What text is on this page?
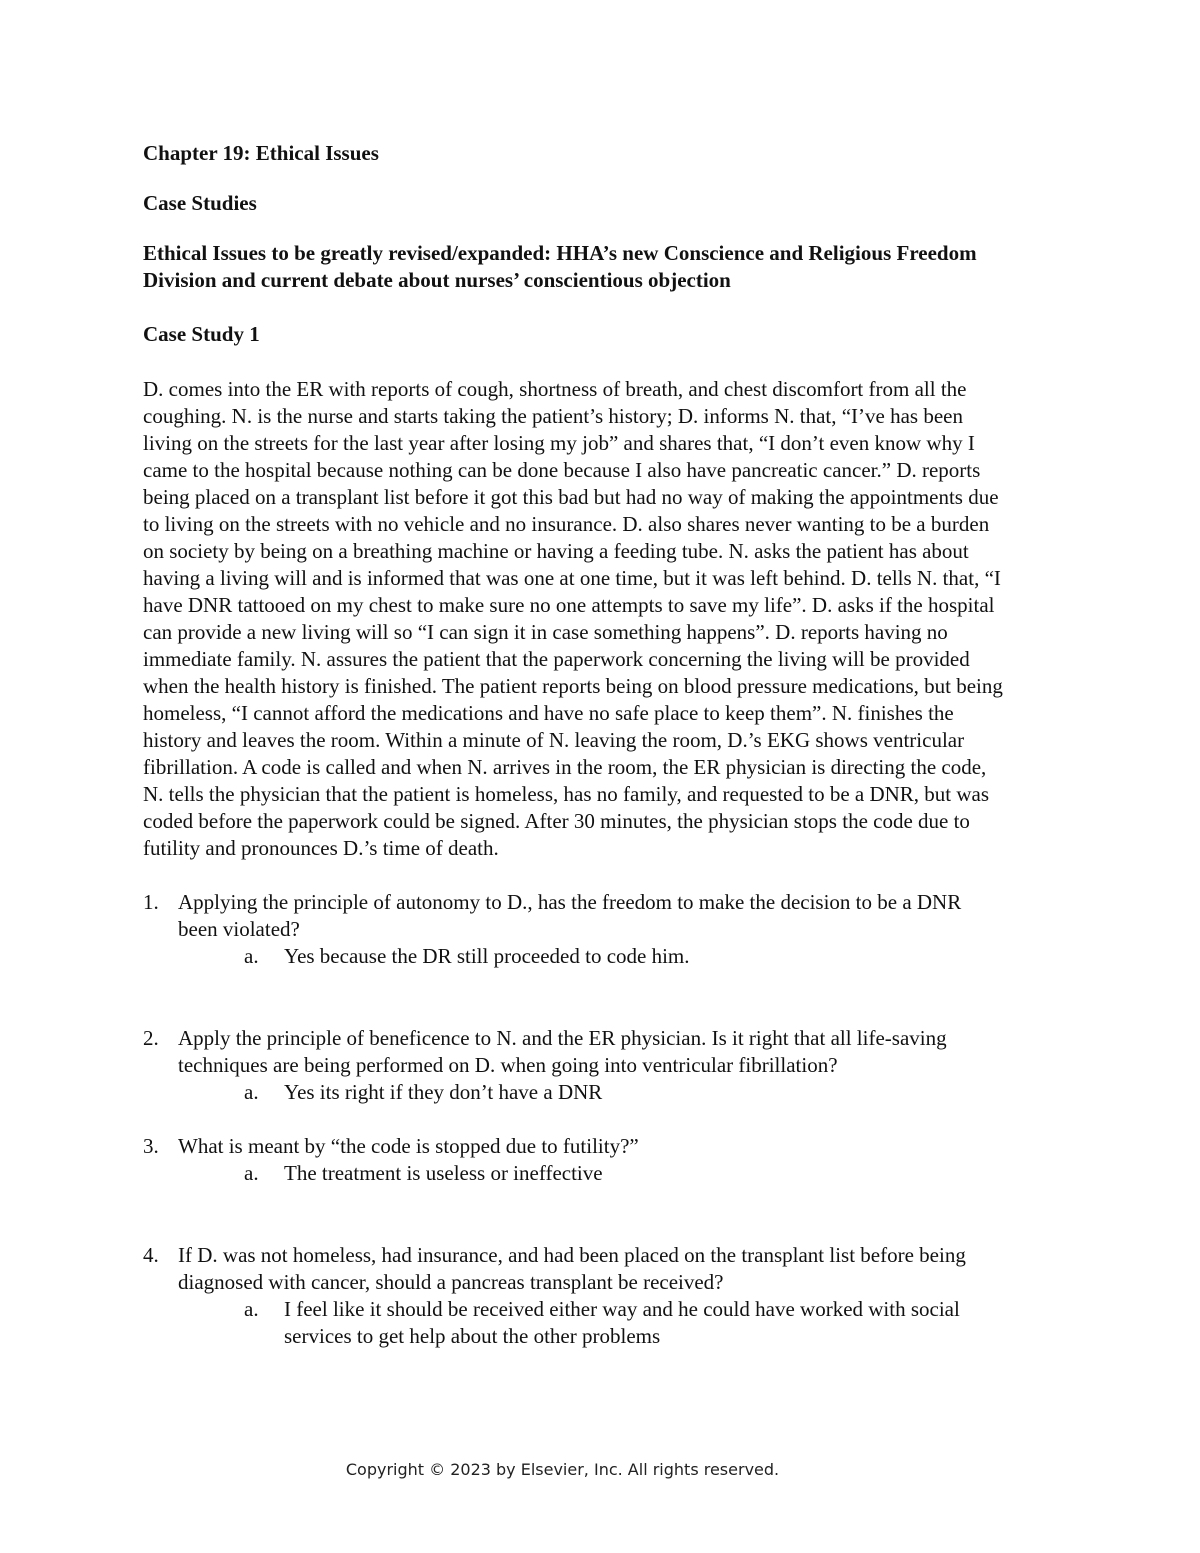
Chapter 19: Ethical Issues

Case Studies

Ethical Issues to be greatly revised/expanded: HHA’s new Conscience and Religious Freedom Division and current debate about nurses’ conscientious objection

Case Study 1

D. comes into the ER with reports of cough, shortness of breath, and chest discomfort from all the coughing. N. is the nurse and starts taking the patient’s history; D. informs N. that, “I’ve has been living on the streets for the last year after losing my job” and shares that, “I don’t even know why I came to the hospital because nothing can be done because I also have pancreatic cancer.” D. reports being placed on a transplant list before it got this bad but had no way of making the appointments due to living on the streets with no vehicle and no insurance. D. also shares never wanting to be a burden on society by being on a breathing machine or having a feeding tube. N. asks the patient has about having a living will and is informed that was one at one time, but it was left behind. D. tells N. that, “I have DNR tattooed on my chest to make sure no one attempts to save my life”. D. asks if the hospital can provide a new living will so “I can sign it in case something happens”. D. reports having no immediate family. N. assures the patient that the paperwork concerning the living will be provided when the health history is finished. The patient reports being on blood pressure medications, but being homeless, “I cannot afford the medications and have no safe place to keep them”. N. finishes the history and leaves the room. Within a minute of N. leaving the room, D.’s EKG shows ventricular fibrillation. A code is called and when N. arrives in the room, the ER physician is directing the code, N. tells the physician that the patient is homeless, has no family, and requested to be a DNR, but was coded before the paperwork could be signed. After 30 minutes, the physician stops the code due to futility and pronounces D.’s time of death.

1. Applying the principle of autonomy to D., has the freedom to make the decision to be a DNR been violated?

a. Yes because the DR still proceeded to code him.

2. Apply the principle of beneficence to N. and the ER physician. Is it right that all life-saving techniques are being performed on D. when going into ventricular fibrillation?

a. Yes its right if they don’t have a DNR

3. What is meant by “the code is stopped due to futility?”

a. The treatment is useless or ineffective

4. If D. was not homeless, had insurance, and had been placed on the transplant list before being diagnosed with cancer, should a pancreas transplant be received?

a. I feel like it should be received either way and he could have worked with social services to get help about the other problems

Copyright © 2023 by Elsevier, Inc. All rights reserved.
